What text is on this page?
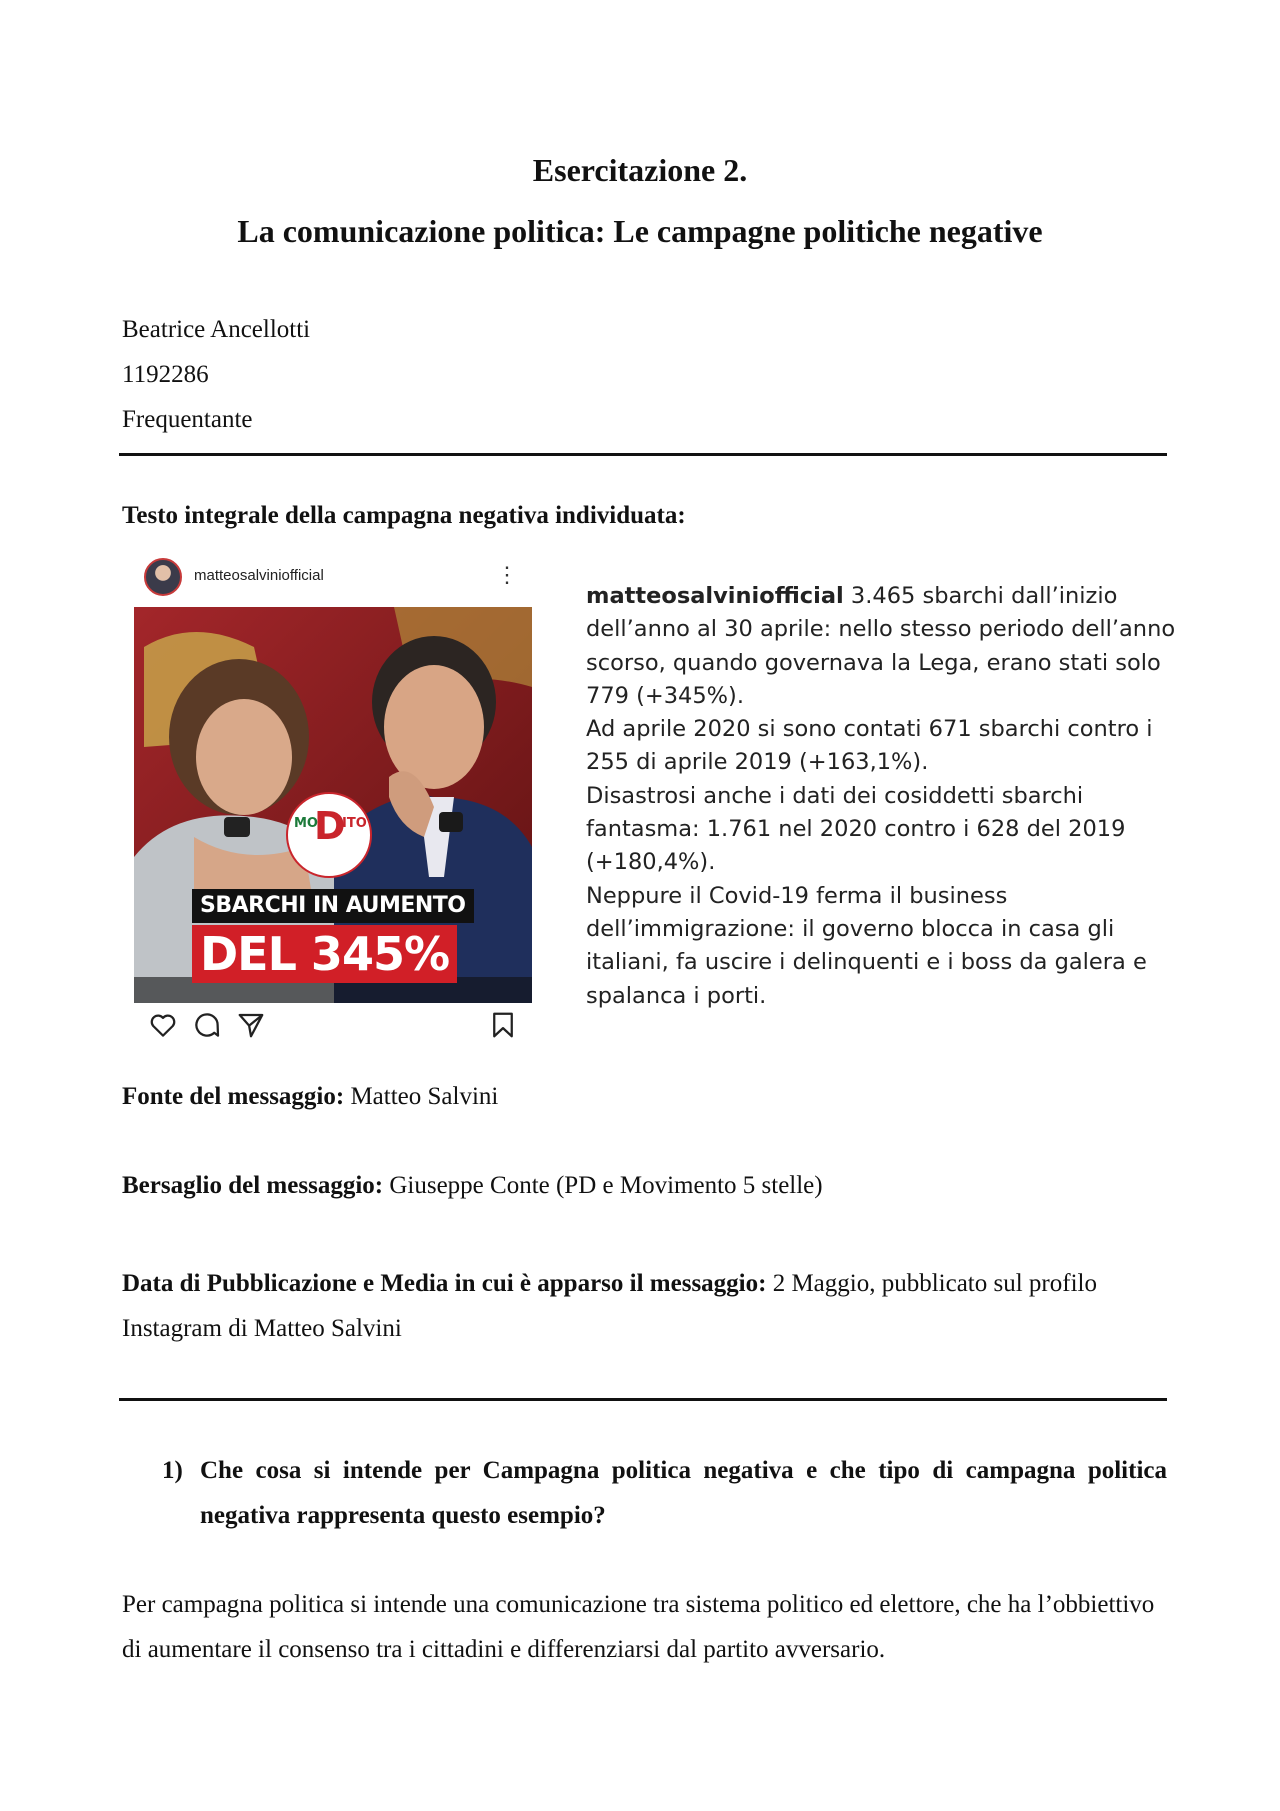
Esercitazione 2.
La comunicazione politica: Le campagne politiche negative
Beatrice Ancellotti
1192286
Frequentante
Testo integrale della campagna negativa individuata:
matteosalviniofficial	⋮
D
MO ITO
SBARCHI IN AUMENTO
DEL 345%

matteosalviniofficial 3.465 sbarchi dall’inizio dell’anno al 30 aprile: nello stesso periodo dell’anno scorso, quando governava la Lega, erano stati solo 779 (+345%).

Ad aprile 2020 si sono contati 671 sbarchi contro i 255 di aprile 2019 (+163,1%).

Disastrosi anche i dati dei cosiddetti sbarchi fantasma: 1.761 nel 2020 contro i 628 del 2019 (+180,4%).

Neppure il Covid-19 ferma il business dell’immigrazione: il governo blocca in casa gli italiani, fa uscire i delinquenti e i boss da galera e spalanca i porti.

Fonte del messaggio: Matteo Salvini
Bersaglio del messaggio: Giuseppe Conte (PD e Movimento 5 stelle)
Data di Pubblicazione e Media in cui è apparso il messaggio: 2 Maggio, pubblicato sul profilo Instagram di Matteo Salvini
1) Che cosa si intende per Campagna politica negativa e che tipo di campagna politica negativa rappresenta questo esempio?
Per campagna politica si intende una comunicazione tra sistema politico ed elettore, che ha l’obbiettivo di aumentare il consenso tra i cittadini e differenziarsi dal partito avversario.
